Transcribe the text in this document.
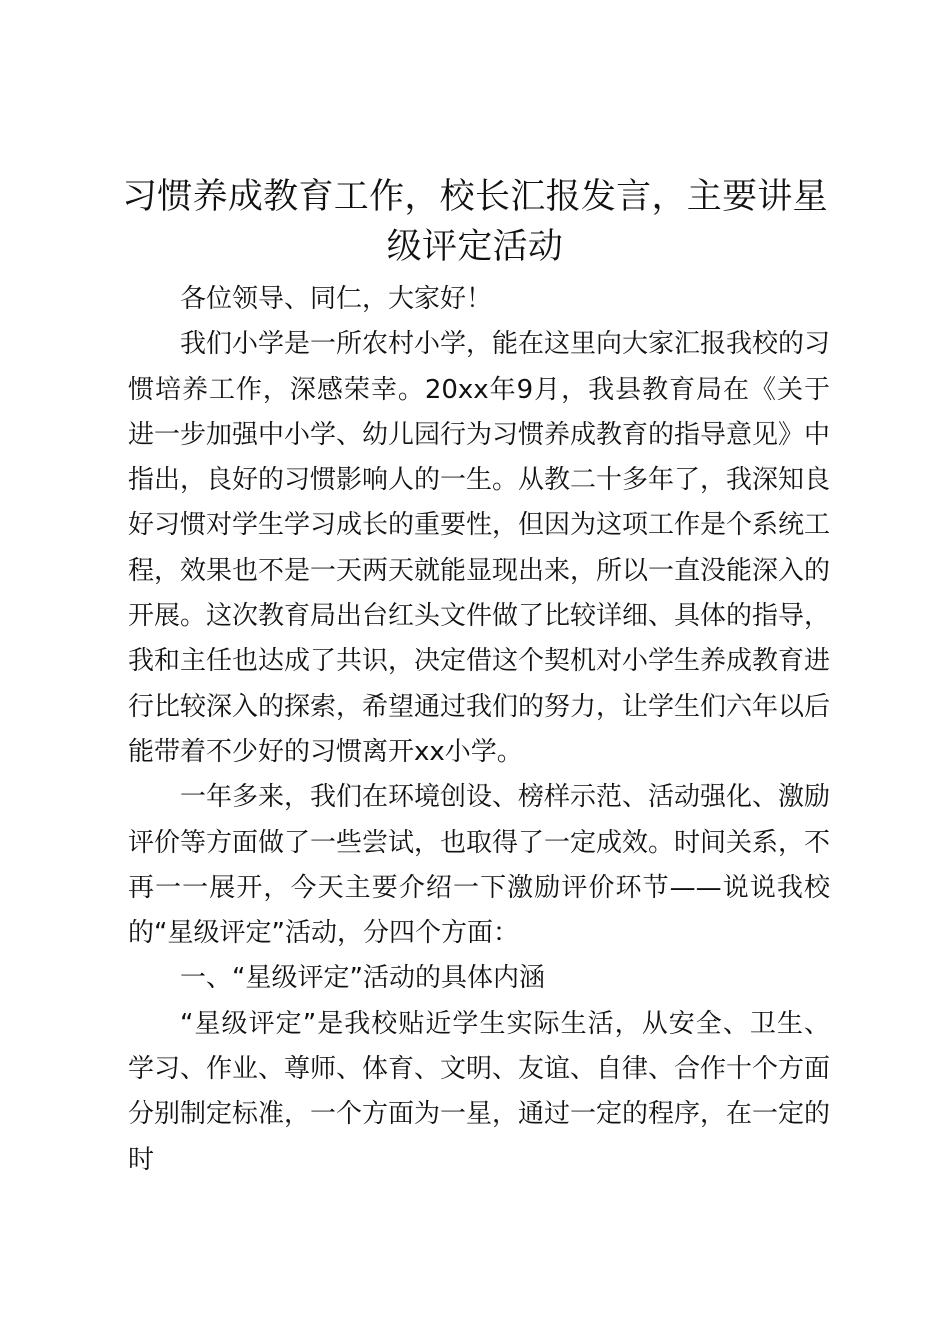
习惯养成教育工作，校长汇报发言，主要讲星级评定活动

各位领导、同仁，大家好！

我们小学是一所农村小学，能在这里向大家汇报我校的习惯培养工作，深感荣幸。20xx年9月，我县教育局在《关于进一步加强中小学、幼儿园行为习惯养成教育的指导意见》中指出，良好的习惯影响人的一生。从教二十多年了，我深知良好习惯对学生学习成长的重要性，但因为这项工作是个系统工程，效果也不是一天两天就能显现出来，所以一直没能深入的开展。这次教育局出台红头文件做了比较详细、具体的指导，我和主任也达成了共识，决定借这个契机对小学生养成教育进行比较深入的探索，希望通过我们的努力，让学生们六年以后能带着不少好的习惯离开xx小学。

一年多来，我们在环境创设、榜样示范、活动强化、激励评价等方面做了一些尝试，也取得了一定成效。时间关系，不再一一展开，今天主要介绍一下激励评价环节——说说我校的“星级评定”活动，分四个方面：

一、“星级评定”活动的具体内涵

“星级评定”是我校贴近学生实际生活，从安全、卫生、学习、作业、尊师、体育、文明、友谊、自律、合作十个方面分别制定标准，一个方面为一星，通过一定的程序，在一定的时
